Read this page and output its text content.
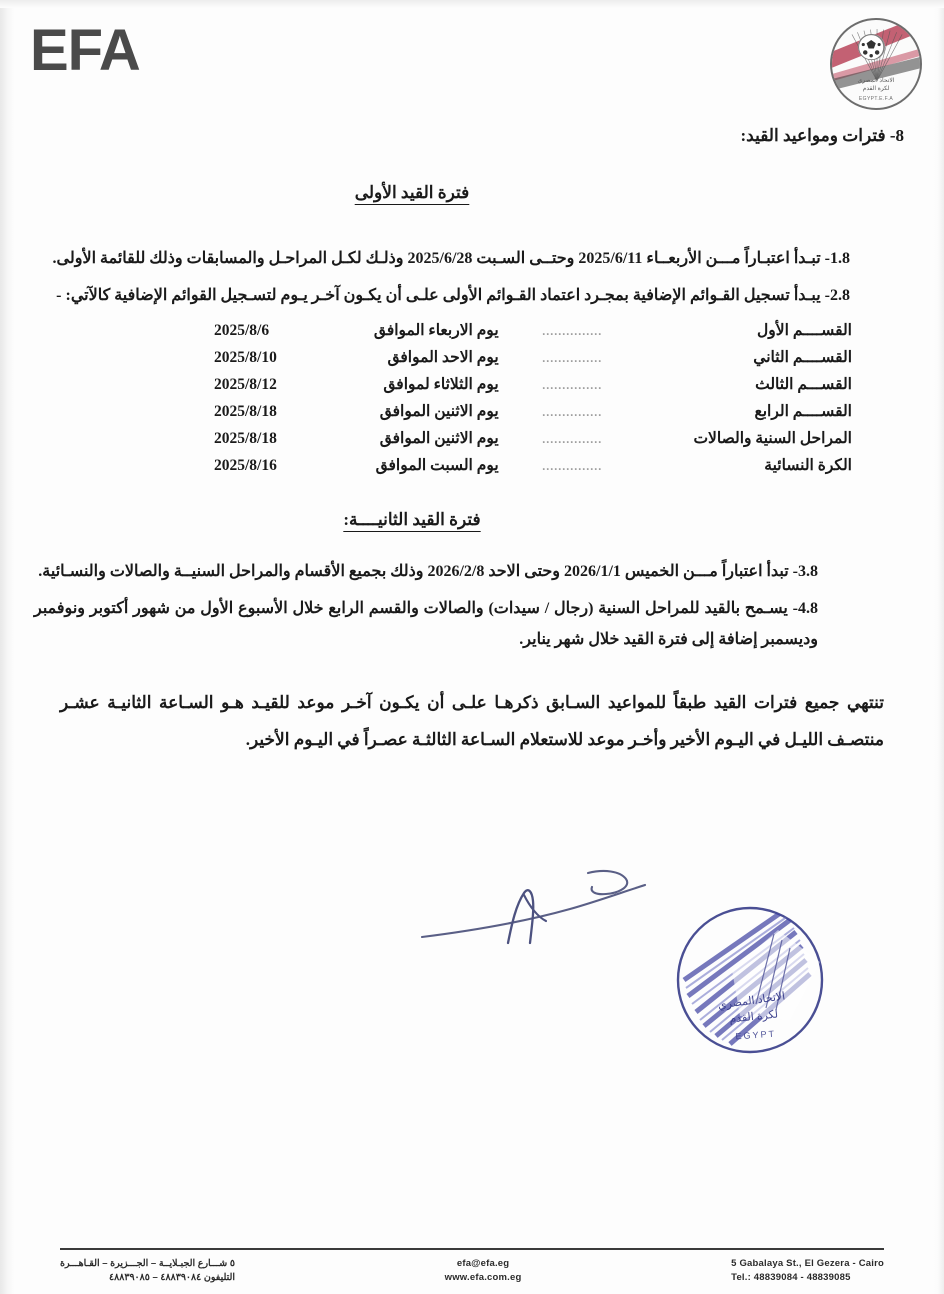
EFA	الاتحاد المصري
لكرة القدم
EGYPT.E.F.A
8- فترات ومواعيد القيد:
فترة القيد الأولى

1.8- تبـدأ اعتبـاراً مـــن الأربعــاء 2025/6/11 وحتــى السـبت 2025/6/28 وذلـك لكـل المراحـل والمسابقات وذلك للقائمة الأولى.

2.8- يبـدأ تسجيل القـوائم الإضافية بمجـرد اعتماد القـوائم الأولى علـى أن يكـون آخـر يـوم لتسـجيل القوائم الإضافية كالآتي: -

القســــم الأول
...............
يوم الاربعاء الموافق
2025/8/6
القســــم الثاني
...............
يوم الاحد الموافق
2025/8/10
القســـم الثالث
...............
يوم الثلاثاء لموافق
2025/8/12
القســــم الرابع
...............
يوم الاثنين الموافق
2025/8/18
المراحل السنية والصالات
...............
يوم الاثنين الموافق
2025/8/18
الكرة النسائية
...............
يوم السبت الموافق
2025/8/16
فترة القيد الثانيــــة:

3.8- تبدأ اعتباراً مـــن الخميس 2026/1/1 وحتى الاحد 2026/2/8 وذلك بجميع الأقسام والمراحل السنيــة والصالات والنسـائية.

4.8- يسـمح بالقيد للمراحل السنية (رجال / سيدات) والصالات والقسم الرابع خلال الأسبوع الأول من شهور أكتوبر ونوفمبر وديسمبر إضافة إلى فترة القيد خلال شهر يناير.

تنتهي جميع فترات القيد طبقاً للمواعيد السـابق ذكرهـا علـى أن يكـون آخـر موعد للقيـد هـو السـاعة الثانيـة عشـر منتصـف الليـل في اليـوم الأخير وأخـر موعد للاستعلام السـاعة الثالثـة عصـراً في اليـوم الأخير.

الاتحاد المصري
لكرة القدم
EGYPT
5 Gabalaya St., El Gezera - Cairo
Tel.: 48839084 - 48839085
efa@efa.eg
www.efa.com.eg
٥ شـــارع الجبـلايــة – الجـــزيرة – القـاهـــرة
التليفون ٤٨٨٣٩٠٨٤ – ٤٨٨٣٩٠٨٥
